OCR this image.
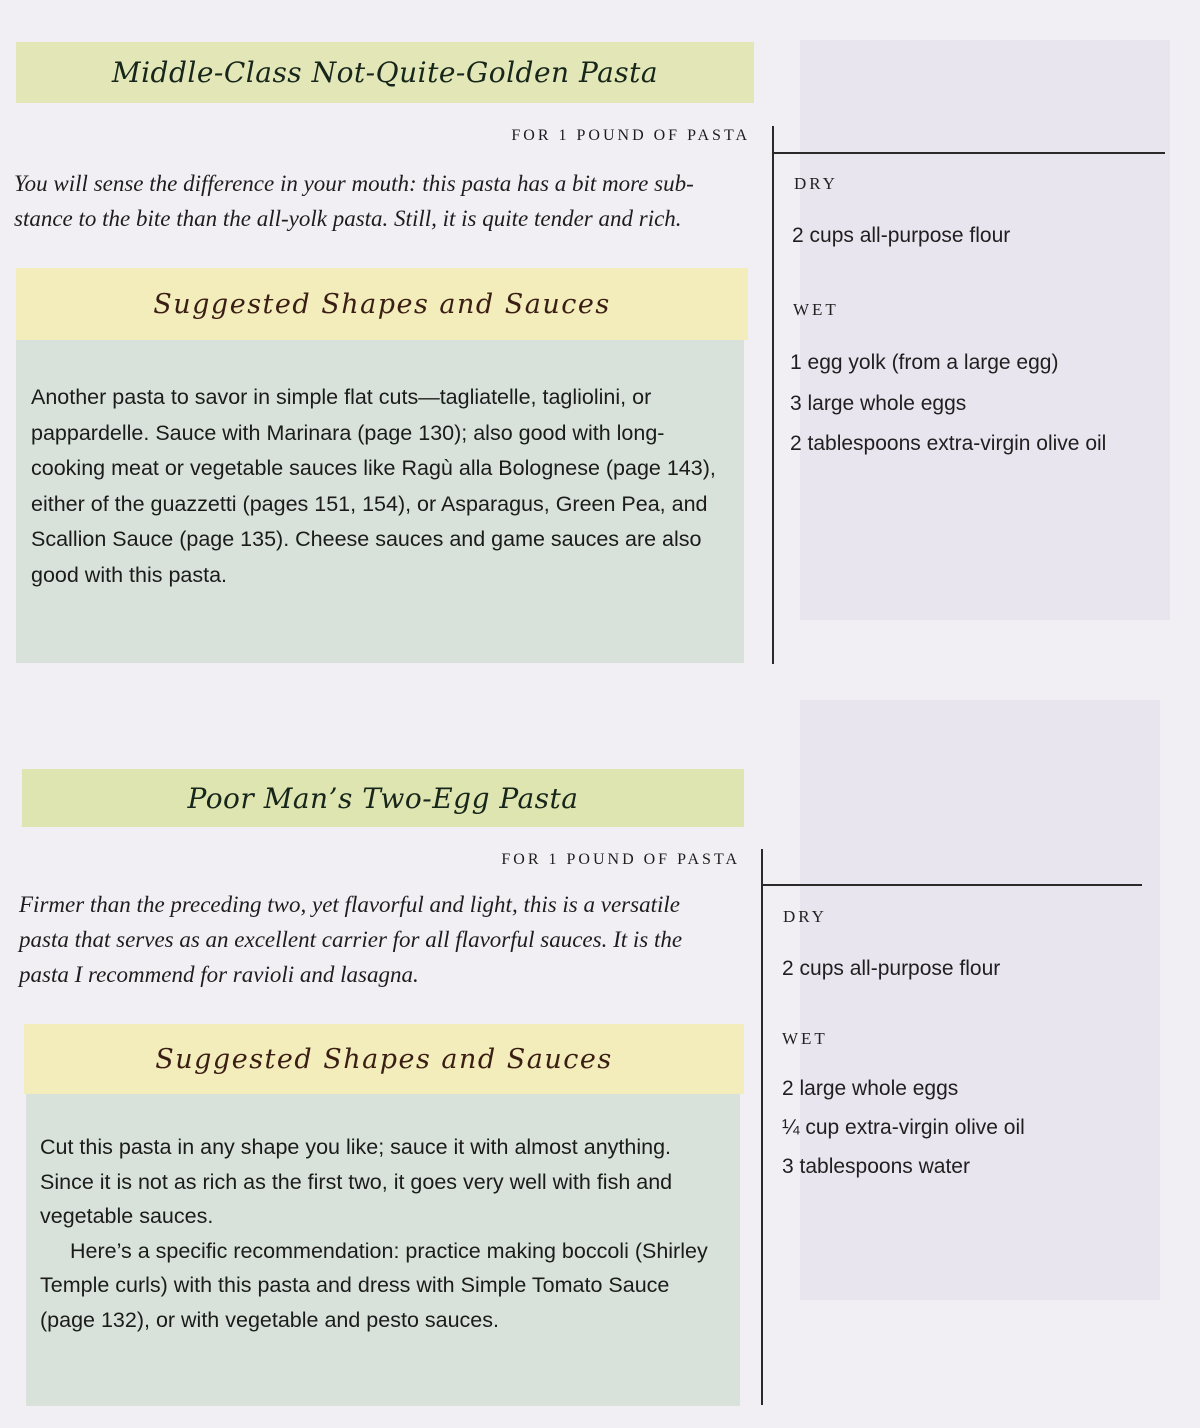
Middle-Class Not-Quite-Golden Pasta
FOR 1 POUND OF PASTA
You will sense the difference in your mouth: this pasta has a bit more sub-
stance to the bite than the all-yolk pasta. Still, it is quite tender and rich.
Suggested Shapes and Sauces

Another pasta to savor in simple flat cuts—tagliatelle, tagliolini, or

pappardelle. Sauce with Marinara (page 130); also good with long-

cooking meat or vegetable sauces like Ragù alla Bolognese (page 143),

either of the guazzetti (pages 151, 154), or Asparagus, Green Pea, and

Scallion Sauce (page 135). Cheese sauces and game sauces are also

good with this pasta.

DRY
2 cups all-purpose flour
WET
1 egg yolk (from a large egg)
3 large whole eggs
2 tablespoons extra-virgin olive oil
Poor Man’s Two-Egg Pasta
FOR 1 POUND OF PASTA
Firmer than the preceding two, yet flavorful and light, this is a versatile
pasta that serves as an excellent carrier for all flavorful sauces. It is the
pasta I recommend for ravioli and lasagna.
Suggested Shapes and Sauces

Cut this pasta in any shape you like; sauce it with almost anything.

Since it is not as rich as the first two, it goes very well with fish and

vegetable sauces.

Here’s a specific recommendation: practice making boccoli (Shirley

Temple curls) with this pasta and dress with Simple Tomato Sauce

(page 132), or with vegetable and pesto sauces.

DRY
2 cups all-purpose flour
WET
2 large whole eggs
¼ cup extra-virgin olive oil
3 tablespoons water
